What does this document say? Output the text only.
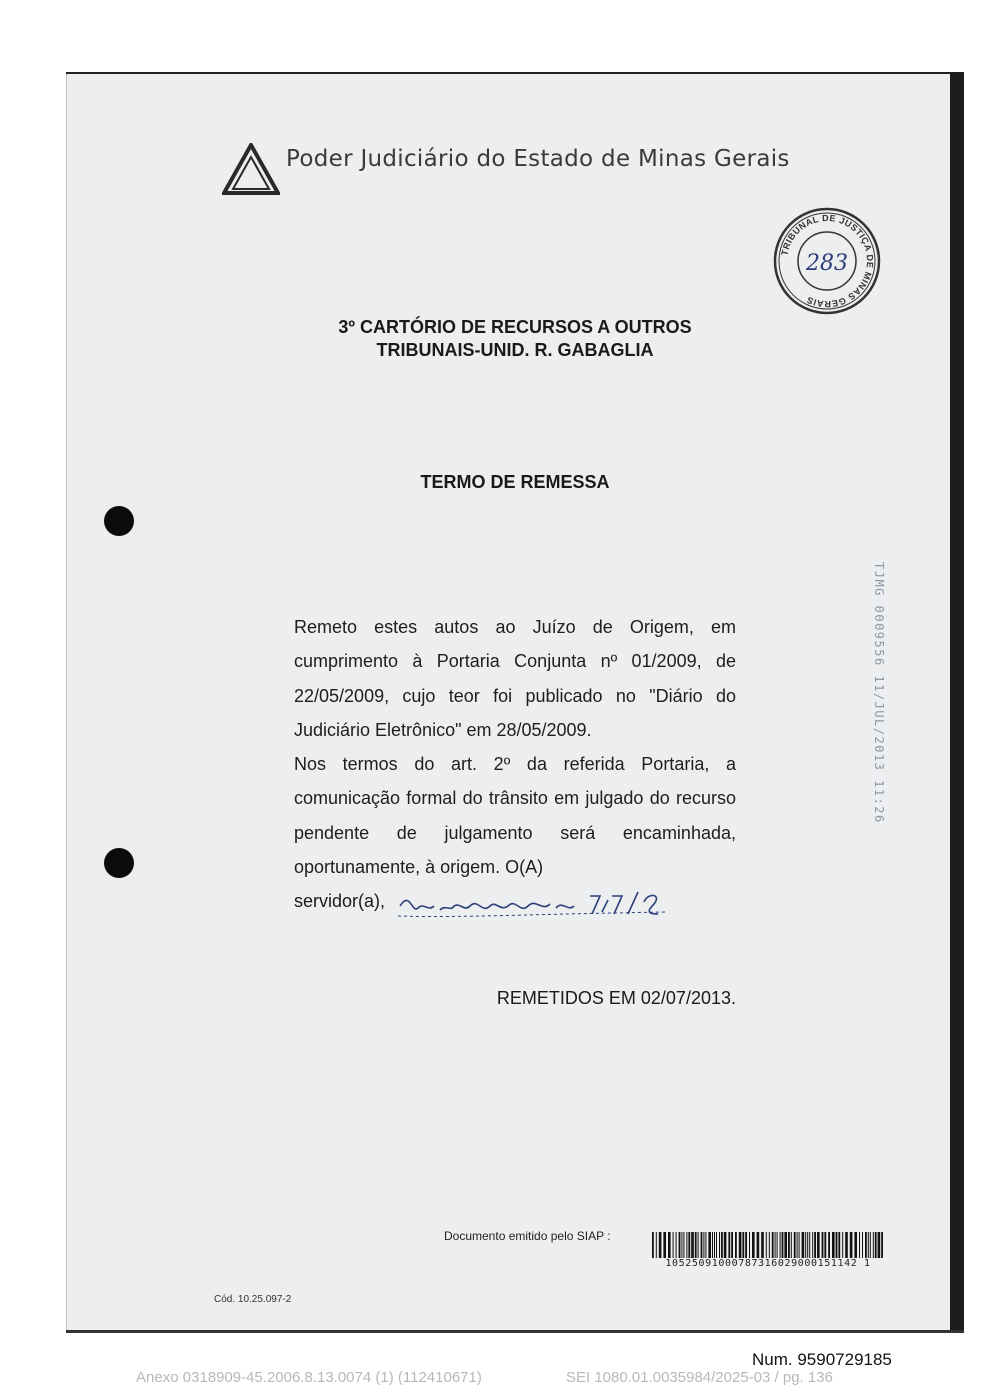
Poder Judiciário do Estado de Minas Gerais
TRIBUNAL DE JUSTIÇA DE MINAS GERAIS
283
3º CARTÓRIO DE RECURSOS A OUTROS
TRIBUNAIS-UNID. R. GABAGLIA
TERMO DE REMESSA
TJMG 0009556 11/JUL/2013 11:26

Remeto estes autos ao Juízo de Origem, em cumprimento à Portaria Conjunta nº 01/2009, de 22/05/2009, cujo teor foi publicado no "Diário do Judiciário Eletrônico" em 28/05/2009.

Nos termos do art. 2º da referida Portaria, a comunicação formal do trânsito em julgado do recurso pendente de julgamento será encaminhada, oportunamente, à origem. O(A)

servidor(a),
REMETIDOS EM 02/07/2013.
Documento emitido pelo SIAP :
10525091000787316029000151142 1
Cód. 10.25.097-2
Num. 9590729185
Anexo 0318909-45.2006.8.13.0074 (1) (112410671)	SEI 1080.01.0035984/2025-03 / pg. 136
